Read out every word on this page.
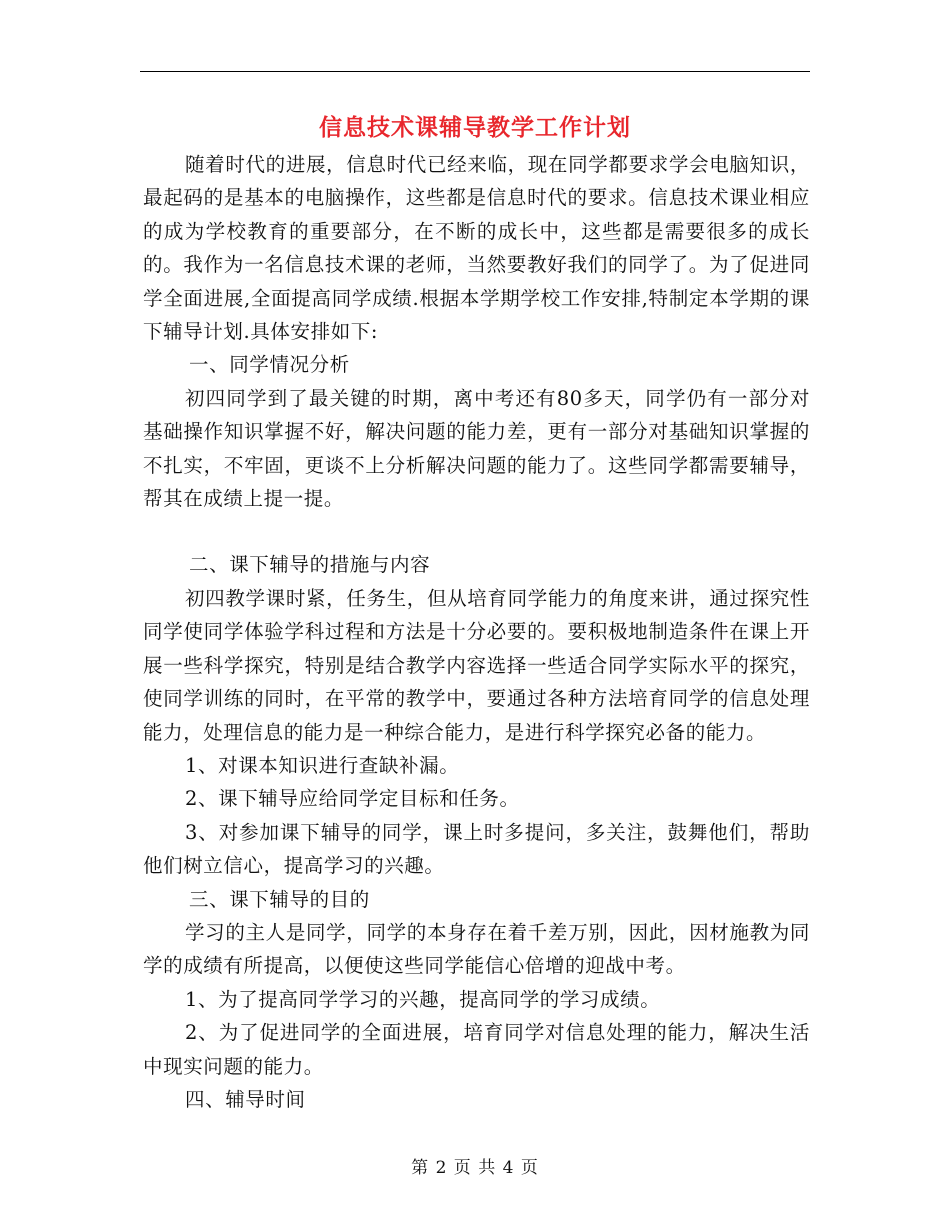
信息技术课辅导教学工作计划

随着时代的进展，信息时代已经来临，现在同学都要求学会电脑知识，最起码的是基本的电脑操作，这些都是信息时代的要求。信息技术课业相应的成为学校教育的重要部分，在不断的成长中，这些都是需要很多的成长的。我作为一名信息技术课的老师，当然要教好我们的同学了。为了促进同学全面进展,全面提高同学成绩.根据本学期学校工作安排,特制定本学期的课下辅导计划.具体安排如下:

一、同学情况分析

初四同学到了最关键的时期，离中考还有80多天，同学仍有一部分对基础操作知识掌握不好，解决问题的能力差，更有一部分对基础知识掌握的不扎实，不牢固，更谈不上分析解决问题的能力了。这些同学都需要辅导，帮其在成绩上提一提。

二、课下辅导的措施与内容

初四教学课时紧，任务生，但从培育同学能力的角度来讲，通过探究性同学使同学体验学科过程和方法是十分必要的。要积极地制造条件在课上开展一些科学探究，特别是结合教学内容选择一些适合同学实际水平的探究，使同学训练的同时，在平常的教学中，要通过各种方法培育同学的信息处理能力，处理信息的能力是一种综合能力，是进行科学探究必备的能力。

1、对课本知识进行查缺补漏。

2、课下辅导应给同学定目标和任务。

3、对参加课下辅导的同学，课上时多提问，多关注，鼓舞他们，帮助他们树立信心，提高学习的兴趣。

三、课下辅导的目的

学习的主人是同学，同学的本身存在着千差万别，因此，因材施教为同学的成绩有所提高，以便使这些同学能信心倍增的迎战中考。

1、为了提高同学学习的兴趣，提高同学的学习成绩。

2、为了促进同学的全面进展，培育同学对信息处理的能力，解决生活中现实问题的能力。

四、辅导时间

第 2 页 共 4 页
